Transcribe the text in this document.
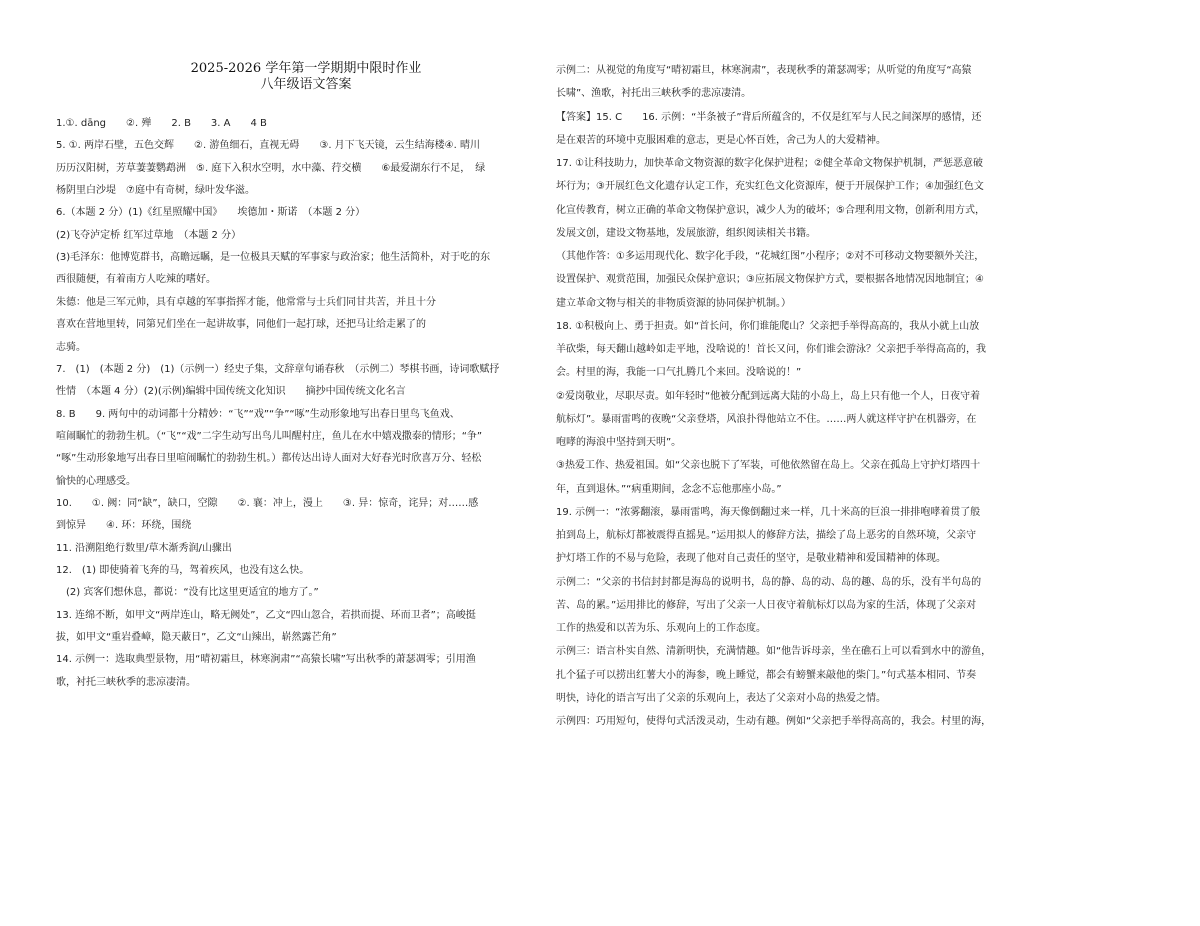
2025-2026 学年第一学期期中限时作业
八年级语文答案
1.①. dāng　　②. 殚　　2. B　　3. A　　4 B
5. ①. 两岸石壁，五色交辉　　②. 游鱼细石，直视无碍　　③. 月下飞天镜，云生结海楼④. 晴川
历历汉阳树，芳草萋萋鹦鹉洲　⑤. 庭下入积水空明，水中藻、荇交横　　⑥最爱湖东行不足，　绿
杨阴里白沙堤　⑦庭中有奇树，绿叶发华滋。
6.（本题 2 分）(1)《红星照耀中国》　　埃德加・斯诺　（本题 2 分）
(2)飞夺泸定桥 红军过草地　（本题 2 分）
(3)毛泽东：他博览群书，高瞻远瞩，是一位极具天赋的军事家与政治家；他生活简朴，对于吃的东
西很随便，有着南方人吃辣的嗜好。
朱德：他是三军元帅，具有卓越的军事指挥才能，他常常与士兵们同甘共苦，并且十分
喜欢在营地里转，同第兄们坐在一起讲故事，同他们一起打球，还把马让给走累了的
志骑。
7.　(1)　(本题 2 分)　(1)（示例一）经史子集，文辞章句诵春秋　（示例二）琴棋书画，诗词歌赋抒
性情　（本题 4 分）(2)(示例)编辑中国传统文化知识　　摘抄中国传统文化名言
8. B　　9. 两句中的动词都十分精妙：“飞”“戏”“争”“啄”生动形象地写出春日里鸟飞鱼戏、
喧闹瞩忙的勃勃生机。（“飞”“戏”二字生动写出鸟儿叫醒村庄，鱼儿在水中嬉戏撒泰的情形；“争”
“啄”生动形象地写出春日里喧闹瞩忙的勃勃生机。）都传达出诗人面对大好春光时欣喜万分、轻松
愉快的心理感受。
10.　　①. 阙：同“缺”，缺口，空隙　　②. 襄：冲上，漫上　　③. 异：惊奇，诧异；对……感
到惊异　　④. 环：环绕，围绕
11. 沿溯阻绝行数里/草木渐秀润/山骤出
12.　(1) 即使骑着飞奔的马，驾着疾风，也没有这么快。
　(2) 宾客们想休息，都说：“没有比这里更适宜的地方了。”
13. 连绵不断，如甲文“两岸连山，略无阙处”，乙文“四山忽合，若拱而提、环而卫者”；高峻挺
拔，如甲文“重岩叠嶂，隐天蔽日”，乙文“山辣出，崭然露芒角”
14. 示例一：选取典型景物，用“晴初霜旦，林寒涧肃”“高猿长啸”写出秋季的萧瑟凋零；引用渔
歌，衬托三峡秋季的悲凉凄清。
示例二：从视觉的角度写“晴初霜旦，林寒涧肃”，表现秋季的萧瑟凋零；从听觉的角度写“高猿
长啸”、渔歌，衬托出三峡秋季的悲凉凄清。
【答案】15. C　　16. 示例：“半条被子”背后所蕴含的，不仅是红军与人民之间深厚的感情，还
是在艰苦的环境中克服困难的意志，更是心怀百姓，舍己为人的大爱精神。
17. ①让科技助力，加快革命文物资源的数字化保护进程；②健全革命文物保护机制，严惩恶意破
坏行为；③开展红色文化遗存认定工作，充实红色文化资源库，便于开展保护工作；④加强红色文
化宣传教育，树立正确的革命文物保护意识，减少人为的破坏；⑤合理利用文物，创新利用方式，
发展文创，建设文物基地，发展旅游，组织阅读相关书籍。
（其他作答：①多运用现代化、数字化手段，“花城红图”小程序；②对不可移动文物要额外关注，
设置保护、观赏范围，加强民众保护意识；③应拓展文物保护方式，要根据各地情况因地制宜；④
建立革命文物与相关的非物质资源的协同保护机制。）
18. ①积极向上、勇于担责。如“首长问，你们谁能爬山？父亲把手举得高高的，我从小就上山放
羊砍柴，每天翻山越岭如走平地，没啥说的！首长又问，你们谁会游泳？父亲把手举得高高的，我
会。村里的海，我能一口气扎腾几个来回。没啥说的！”
②爱岗敬业，尽职尽责。如年轻时“他被分配到远离大陆的小岛上，岛上只有他一个人，日夜守着
航标灯”。暴雨雷鸣的夜晚“父亲登塔，风浪扑得他站立不住。……两人就这样守护在机器旁，在
咆哮的海浪中坚持到天明”。
③热爱工作、热爱祖国。如“父亲也脱下了军装，可他依然留在岛上。父亲在孤岛上守护灯塔四十
年，直到退休。”“病重期间，念念不忘他那座小岛。”
19. 示例一：“浓雾翻滚，暴雨雷鸣，海天像倒翻过来一样，几十米高的巨浪一排排咆哮着贯了般
拍到岛上，航标灯都被震得直摇晃。”运用拟人的修辞方法，描绘了岛上恶劣的自然环境，父亲守
护灯塔工作的不易与危险，表现了他对自己责任的坚守，是敬业精神和爱国精神的体现。
示例二：“父亲的书信封封都是海岛的说明书，岛的静、岛的动、岛的趣、岛的乐，没有半句岛的
苦、岛的累。”运用排比的修辞，写出了父亲一人日夜守着航标灯以岛为家的生活，体现了父亲对
工作的热爱和以苦为乐、乐观向上的工作态度。
示例三：语言朴实自然、清新明快，充满情趣。如“他告诉母亲，坐在礁石上可以看到水中的游鱼，
扎个猛子可以捞出红薯大小的海参，晚上睡觉，都会有螃蟹来敲他的柴门。”句式基本相同、节奏
明快，诗化的语言写出了父亲的乐观向上，表达了父亲对小岛的热爱之情。
示例四：巧用短句，使得句式活泼灵动，生动有趣。例如“父亲把手举得高高的，我会。村里的海，
